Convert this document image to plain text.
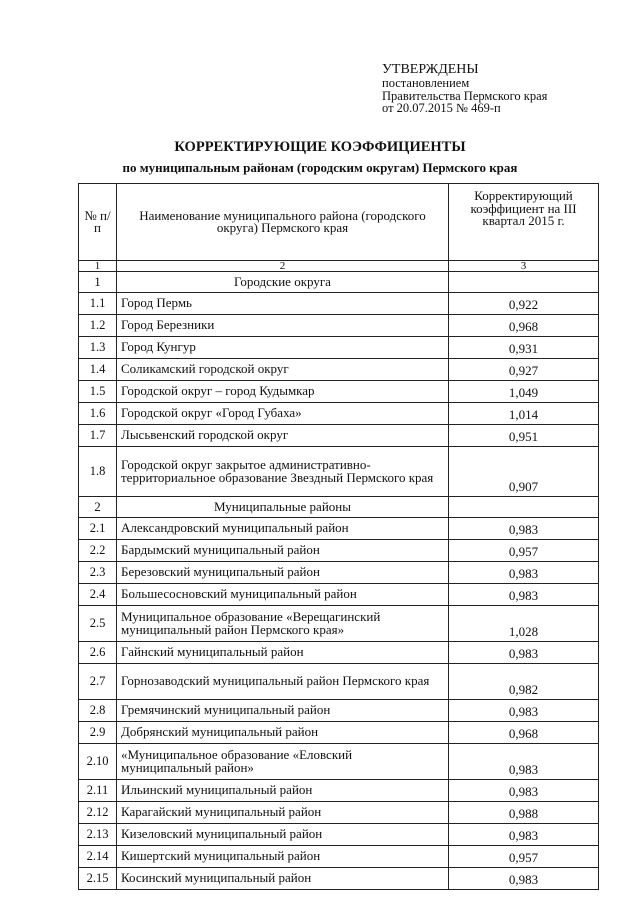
УТВЕРЖДЕНЫ
постановлением
Правительства Пермского края
от 20.07.2015 № 469-п
КОРРЕКТИРУЮЩИЕ КОЭФФИЦИЕНТЫ
по муниципальным районам (городским округам) Пермского края
№ п/п	Наименование муниципального района (городского округа) Пермского края	Корректирующий коэффициент на III квартал 2015 г.
1	2	3
1	Городские округа	
1.1	Город Пермь	0,922
1.2	Город Березники	0,968
1.3	Город Кунгур	0,931
1.4	Соликамский городской округ	0,927
1.5	Городской округ – город Кудымкар	1,049
1.6	Городской округ «Город Губаха»	1,014
1.7	Лысьвенский городской округ	0,951
1.8	Городской округ закрытое административно-территориальное образование Звездный Пермского края	0,907
2	Муниципальные районы	
2.1	Александровский муниципальный район	0,983
2.2	Бардымский муниципальный район	0,957
2.3	Березовский муниципальный район	0,983
2.4	Большесосновский муниципальный район	0,983
2.5	Муниципальное образование «Верещагинский муниципальный район Пермского края»	1,028
2.6	Гайнский муниципальный район	0,983
2.7	Горнозаводский муниципальный район Пермского края	0,982
2.8	Гремячинский муниципальный район	0,983
2.9	Добрянский муниципальный район	0,968
2.10	«Муниципальное образование «Еловский муниципальный район»	0,983
2.11	Ильинский муниципальный район	0,983
2.12	Карагайский муниципальный район	0,988
2.13	Кизеловский муниципальный район	0,983
2.14	Кишертский муниципальный район	0,957
2.15	Косинский муниципальный район	0,983
